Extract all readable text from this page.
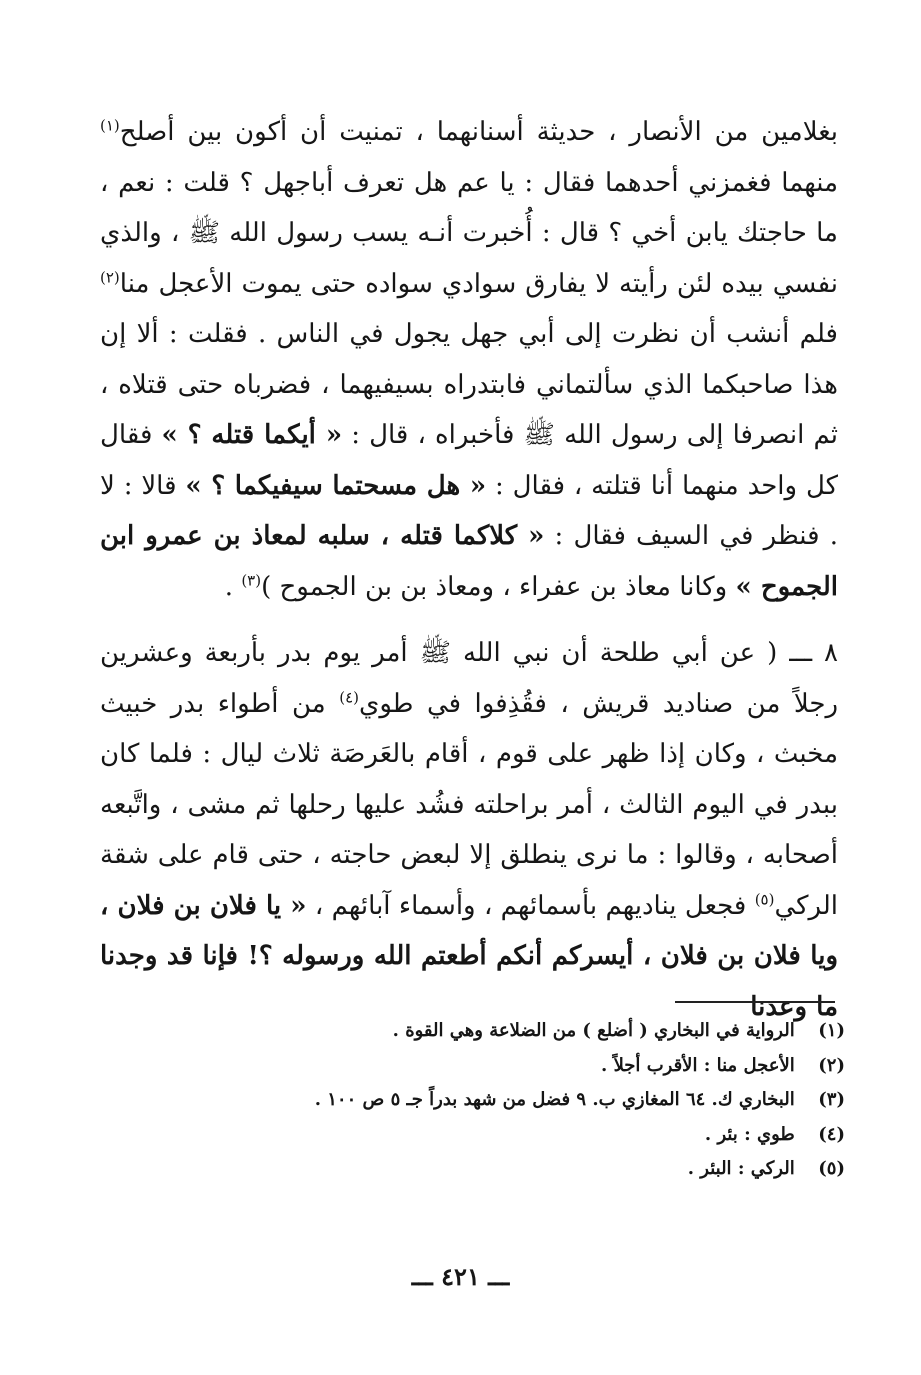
بغلامين من الأنصار ، حديثة أسنانهما ، تمنيت أن أكون بين أصلح$^{(١)}$ منهما فغمزني أحدهما فقال : يا عم هل تعرف أباجهل ؟ قلت : نعم ، ما حاجتك يابن أخي ؟ قال : أُخبرت أنـه يسب رسول الله ﷺ ، والذي نفسي بيده لئن رأيته لا يفارق سوادي سواده حتى يموت الأعجل منا$^{(٢)}$ فلم أنشب أن نظرت إلى أبي جهل يجول في الناس . فقلت : ألا إن هذا صاحبكما الذي سألتماني فابتدراه بسيفيهما ، فضرباه حتى قتلاه ، ثم انصرفا إلى رسول الله ﷺ فأخبراه ، قال : « أيكما قتله ؟ » فقال كل واحد منهما أنا قتلته ، فقال : « هل مسحتما سيفيكما ؟ » قالا : لا . فنظر في السيف فقال : « كلاكما قتله ، سلبه لمعاذ بن عمرو ابن الجموح » وكانا معاذ بن عفراء ، ومعاذ بن بن الجموح )$^{(٣)}$ .

٨ ـــ ( عن أبي طلحة أن نبي الله ﷺ أمر يوم بدر بأربعة وعشرين رجلاً من صناديد قريش ، فقُذِفوا في طوي$^{(٤)}$ من أطواء بدر خبيث مخبث ، وكان إذا ظهر على قوم ، أقام بالعَرصَة ثلاث ليال : فلما كان ببدر في اليوم الثالث ، أمر براحلته فشُد عليها رحلها ثم مشى ، واتَّبعه أصحابه ، وقالوا : ما نرى ينطلق إلا لبعض حاجته ، حتى قام على شقة الركي$^{(٥)}$ فجعل يناديهم بأسمائهم ، وأسماء آبائهم ، « يا فلان بن فلان ، ويا فلان بن فلان ، أيسركم أنكم أطعتم الله ورسوله ؟! فإنا قد وجدنا ما وعدنا

(١) الرواية في البخاري ( أضلع ) من الضلاعة وهي القوة .
(٢) الأعجل منا : الأقرب أجلاً .
(٣) البخاري ك. ٦٤ المغازي ب. ٩ فضل من شهد بدراً جـ ٥ ص ١٠٠ .
(٤) طوي : بئر .
(٥) الركي : البئر .
ـــ ٤٢١ ـــ
